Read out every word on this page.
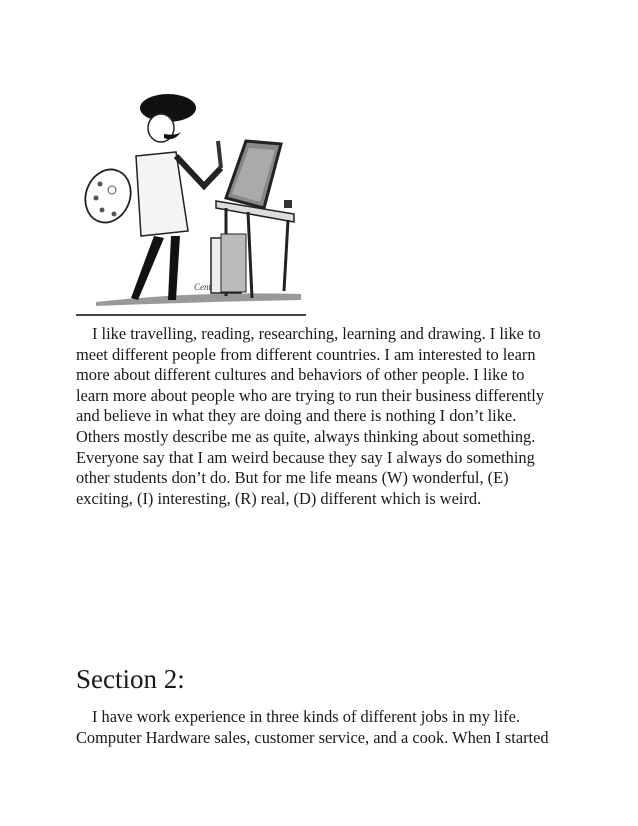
Cent
I like travelling, reading, researching, learning and drawing. I like to
meet different people from different countries. I am interested to learn
more about different cultures and behaviors of other people. I like to
learn more about people who are trying to run their business differently
and believe in what they are doing and there is nothing I don’t like.
Others mostly describe me as quite, always thinking about something.
Everyone say that I am weird because they say I always do something
other students don’t do. But for me life means (W) wonderful, (E)
exciting, (I) interesting, (R) real, (D) different which is weird.
Section 2:
I have work experience in three kinds of different jobs in my life.
Computer Hardware sales, customer service, and a cook. When I started
